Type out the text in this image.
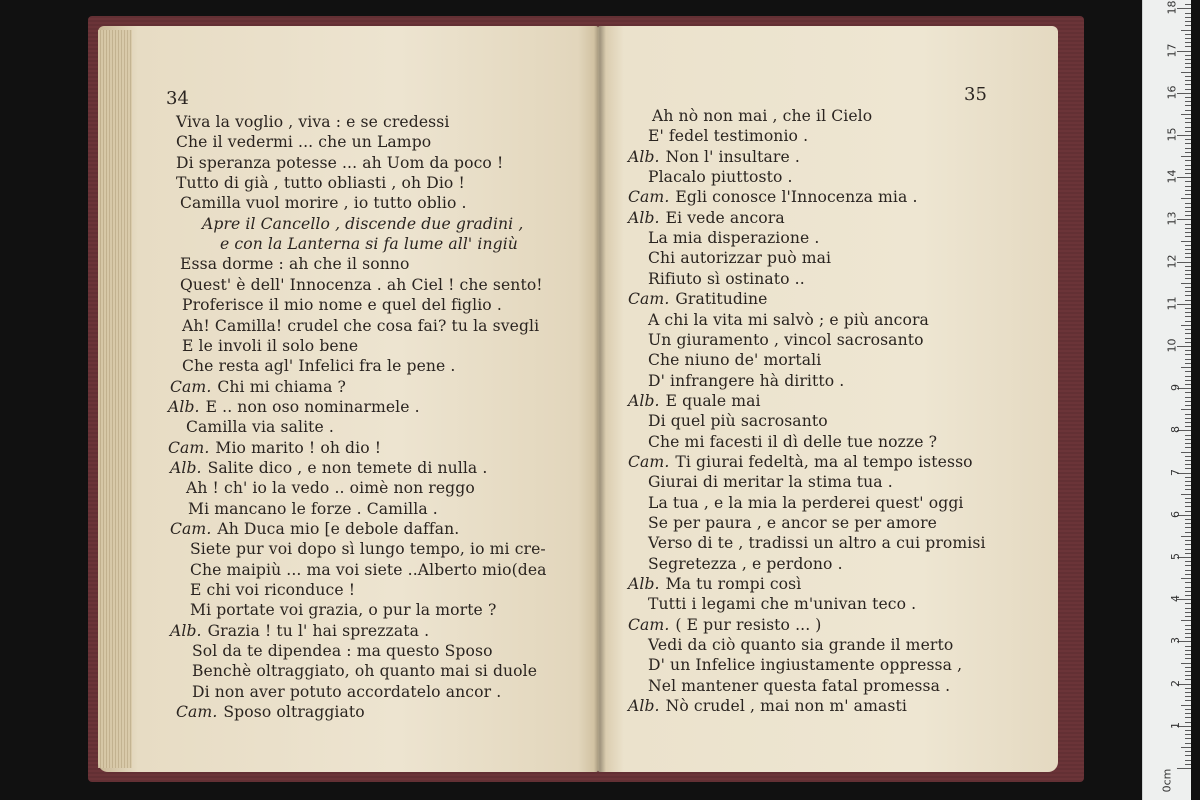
34
Viva la voglio , viva : e se credessi
Che il vedermi ... che un Lampo
Di speranza potesse ... ah Uom da poco !
Tutto di già , tutto obliasti , oh Dio !
Camilla vuol morire , io tutto oblio .
Apre il Cancello , discende due gradini ,
e con la Lanterna si fa lume all' ingiù
Essa dorme : ah che il sonno
Quest' è dell' Innocenza . ah Ciel ! che sento!
Proferisce il mio nome e quel del figlio .
Ah! Camilla! crudel che cosa fai? tu la svegli
E le involi il solo bene
Che resta agl' Infelici fra le pene .
Cam. Chi mi chiama ?
Alb. E .. non oso nominarmele .
Camilla via salite .
Cam. Mio marito ! oh dio !
Alb. Salite dico , e non temete di nulla .
Ah ! ch' io la vedo .. oimè non reggo
Mi mancano le forze . Camilla .
Cam. Ah Duca mio [e debole daffan.
Siete pur voi dopo sì lungo tempo, io mi cre-
Che maipiù ... ma voi siete ..Alberto mio(dea
E chi voi riconduce !
Mi portate voi grazia, o pur la morte ?
Alb. Grazia ! tu l' hai sprezzata .
Sol da te dipendea : ma questo Sposo
Benchè oltraggiato, oh quanto mai si duole
Di non aver potuto accordatelo ancor .
Cam. Sposo oltraggiato
35
Ah nò non mai , che il Cielo
E' fedel testimonio .
Alb. Non l' insultare .
Placalo piuttosto .
Cam. Egli conosce l'Innocenza mia .
Alb. Ei vede ancora
La mia disperazione .
Chi autorizzar può mai
Rifiuto sì ostinato ..
Cam. Gratitudine
A chi la vita mi salvò ; e più ancora
Un giuramento , vincol sacrosanto
Che niuno de' mortali
D' infrangere hà diritto .
Alb. E quale mai
Di quel più sacrosanto
Che mi facesti il dì delle tue nozze ?
Cam. Ti giurai fedeltà, ma al tempo istesso
Giurai di meritar la stima tua .
La tua , e la mia la perderei quest' oggi
Se per paura , e ancor se per amore
Verso di te , tradissi un altro a cui promisi
Segretezza , e perdono .
Alb. Ma tu rompi così
Tutti i legami che m'univan teco .
Cam. ( E pur resisto ... )
Vedi da ciò quanto sia grande il merto
D' un Infelice ingiustamente oppressa ,
Nel mantener questa fatal promessa .
Alb. Nò crudel , mai non m' amasti
1
2
3
4
5
6
7
8
9
10
11
12
13
14
15
16
17
18
0cm
